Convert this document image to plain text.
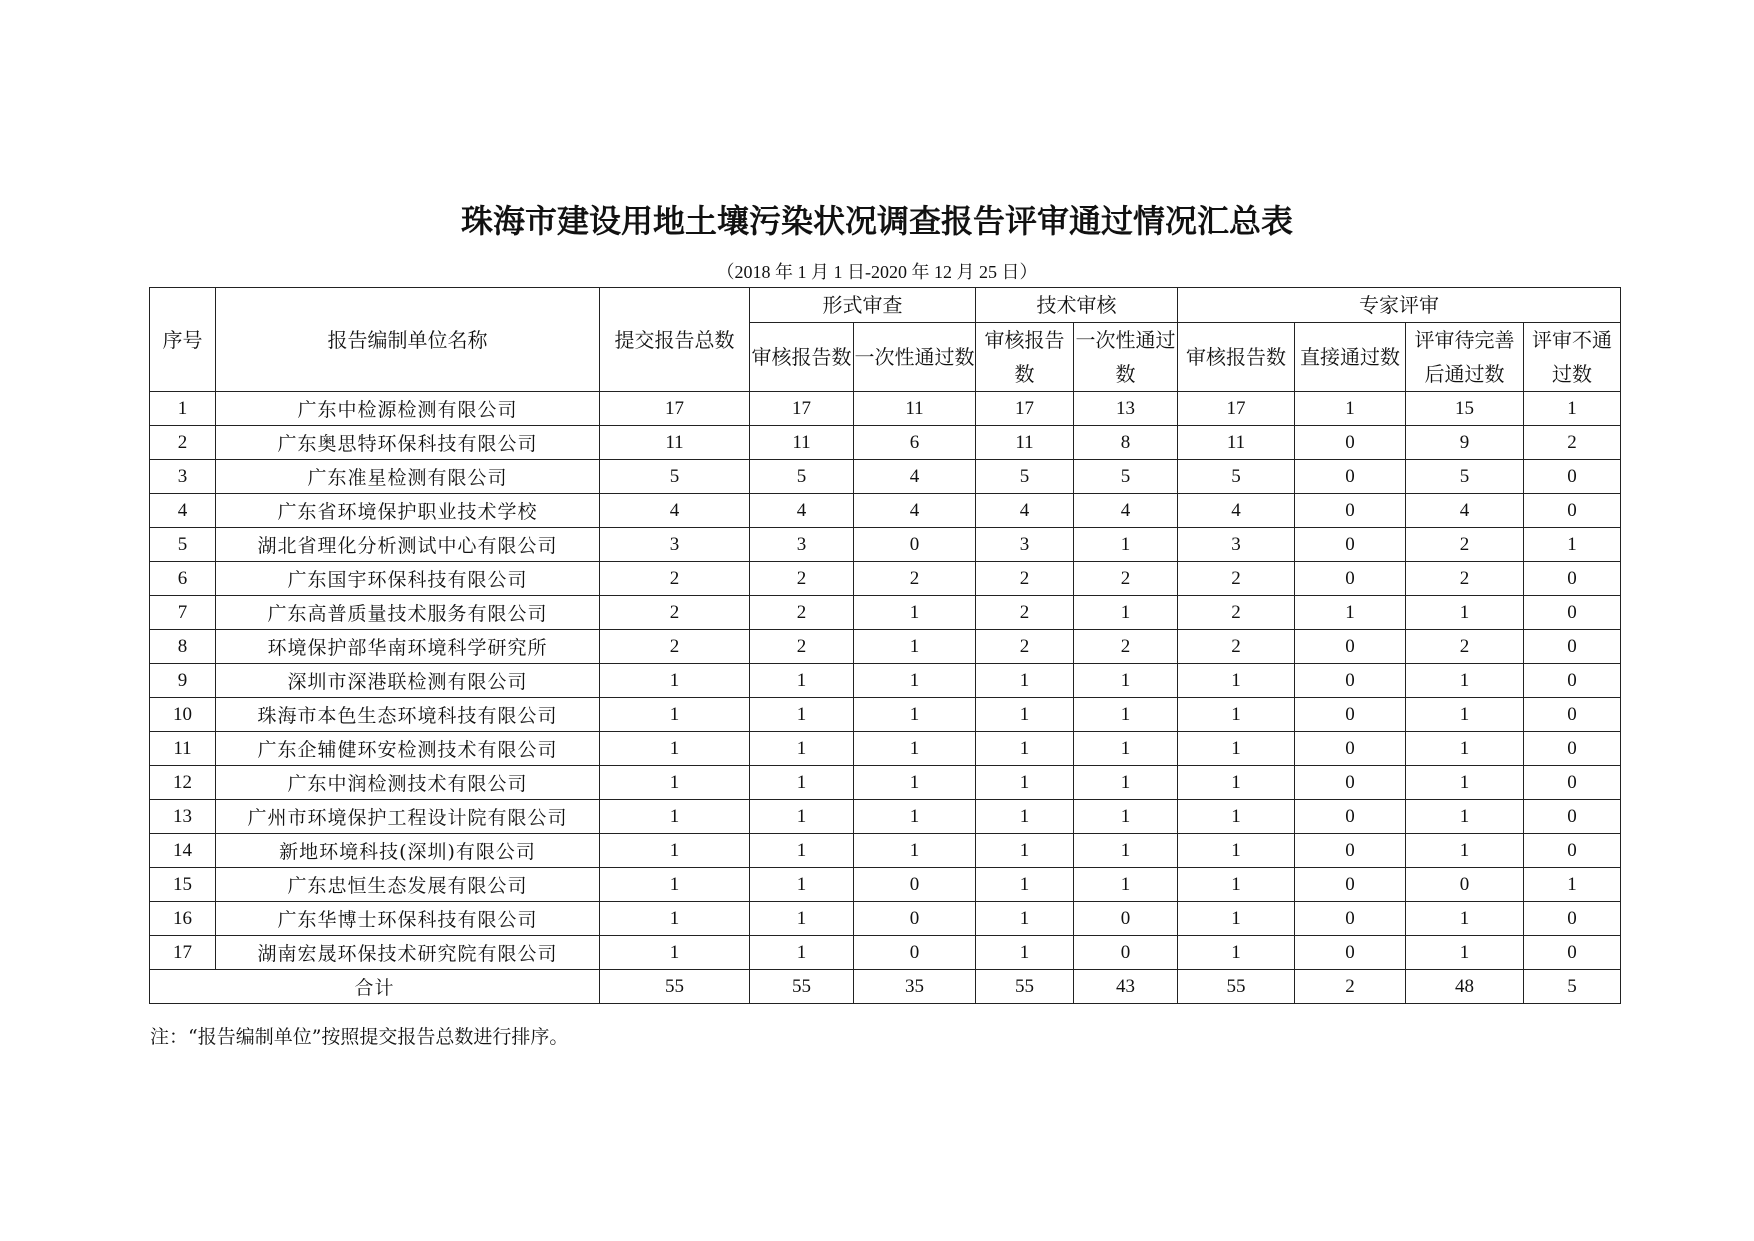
珠海市建设用地土壤污染状况调查报告评审通过情况汇总表
（2018 年 1 月 1 日-2020 年 12 月 25 日）
序号	报告编制单位名称	提交报告总数	形式审查		技术审核		专家评审			
			审核报告数	一次性通过数	审核报告数	一次性通过数	审核报告数	直接通过数	评审待完善后通过数	评审不通过数
1	广东中检源检测有限公司	17	17	11	17	13	17	1	15	1
2	广东奥思特环保科技有限公司	11	11	6	11	8	11	0	9	2
3	广东准星检测有限公司	5	5	4	5	5	5	0	5	0
4	广东省环境保护职业技术学校	4	4	4	4	4	4	0	4	0
5	湖北省理化分析测试中心有限公司	3	3	0	3	1	3	0	2	1
6	广东国宇环保科技有限公司	2	2	2	2	2	2	0	2	0
7	广东高普质量技术服务有限公司	2	2	1	2	1	2	1	1	0
8	环境保护部华南环境科学研究所	2	2	1	2	2	2	0	2	0
9	深圳市深港联检测有限公司	1	1	1	1	1	1	0	1	0
10	珠海市本色生态环境科技有限公司	1	1	1	1	1	1	0	1	0
11	广东企辅健环安检测技术有限公司	1	1	1	1	1	1	0	1	0
12	广东中润检测技术有限公司	1	1	1	1	1	1	0	1	0
13	广州市环境保护工程设计院有限公司	1	1	1	1	1	1	0	1	0
14	新地环境科技(深圳)有限公司	1	1	1	1	1	1	0	1	0
15	广东忠恒生态发展有限公司	1	1	0	1	1	1	0	0	1
16	广东华博士环保科技有限公司	1	1	0	1	0	1	0	1	0
17	湖南宏晟环保技术研究院有限公司	1	1	0	1	0	1	0	1	0
合计		55	55	35	55	43	55	2	48	5
注：“报告编制单位”按照提交报告总数进行排序。
